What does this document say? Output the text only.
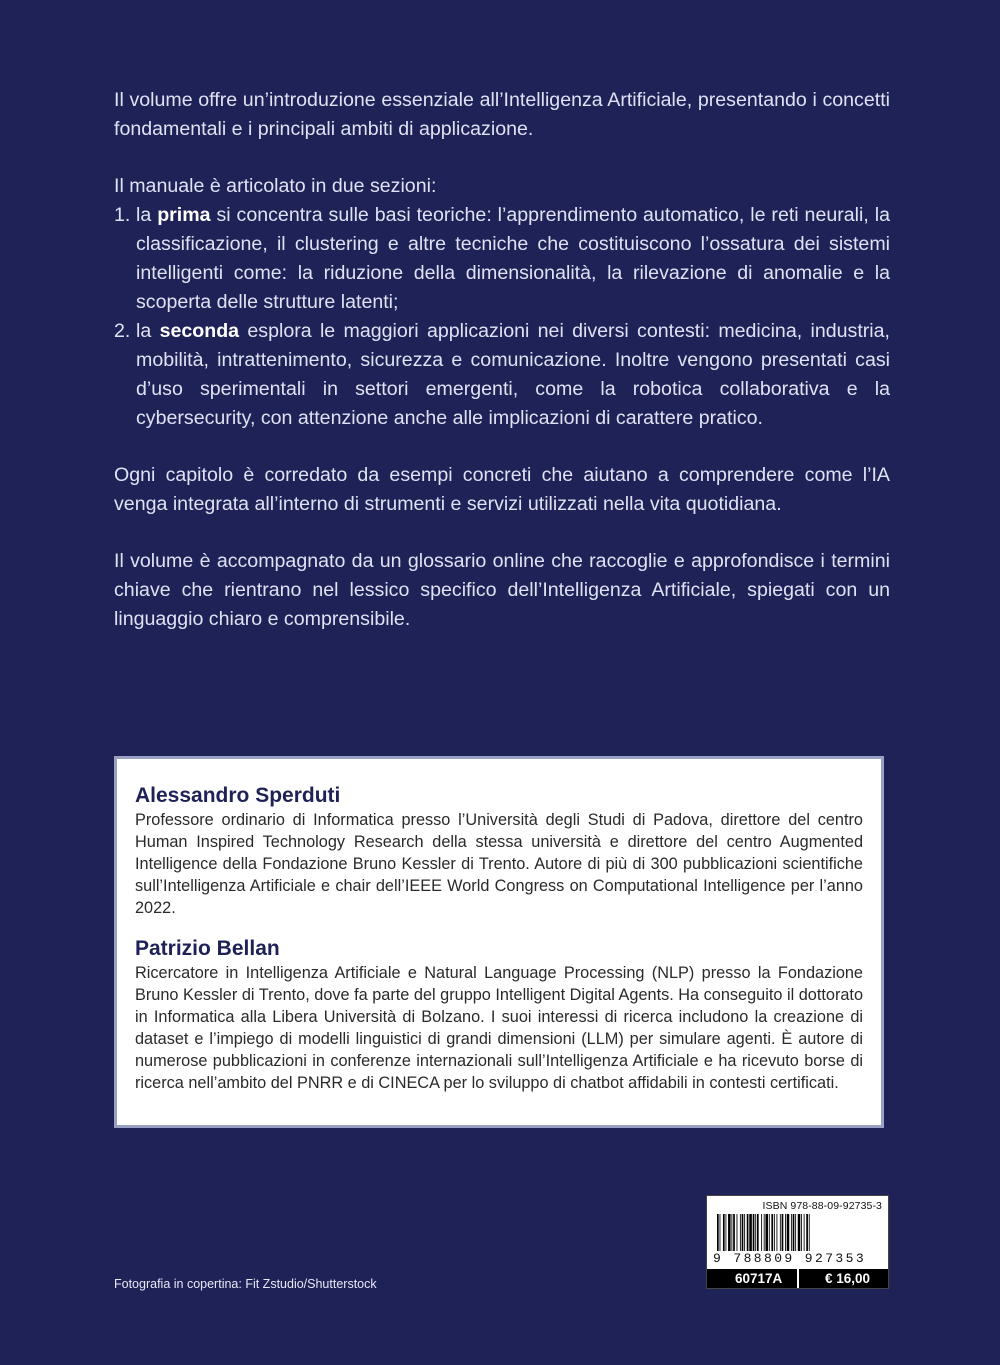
Il volume offre un’introduzione essenziale all’Intelligenza Artificiale, presentando i concetti fondamentali e i principali ambiti di applicazione.

Il manuale è articolato in due sezioni:

1. la prima si concentra sulle basi teoriche: l’apprendimento automatico, le reti neurali, la classificazione, il clustering e altre tecniche che costituiscono l’ossatura dei sistemi intelligenti come: la riduzione della dimensionalità, la rilevazione di anomalie e la scoperta delle strutture latenti;
2. la seconda esplora le maggiori applicazioni nei diversi contesti: medicina, industria, mobilità, intrattenimento, sicurezza e comunicazione. Inoltre vengono presentati casi d’uso sperimentali in settori emergenti, come la robotica collaborativa e la cybersecurity, con attenzione anche alle implicazioni di carattere pratico.

Ogni capitolo è corredato da esempi concreti che aiutano a comprendere come l’IA venga integrata all’interno di strumenti e servizi utilizzati nella vita quotidiana.

Il volume è accompagnato da un glossario online che raccoglie e approfondisce i termini chiave che rientrano nel lessico specifico dell’Intelligenza Artificiale, spiegati con un linguaggio chiaro e comprensibile.

Alessandro Sperduti

Professore ordinario di Informatica presso l’Università degli Studi di Padova, direttore del centro Human Inspired Technology Research della stessa università e direttore del centro Augmented Intelligence della Fondazione Bruno Kessler di Trento. Autore di più di 300 pubblicazioni scientifiche sull’Intelligenza Artificiale e chair dell’IEEE World Congress on Computational Intelligence per l’anno 2022.

Patrizio Bellan

Ricercatore in Intelligenza Artificiale e Natural Language Processing (NLP) presso la Fondazione Bruno Kessler di Trento, dove fa parte del gruppo Intelligent Digital Agents. Ha conseguito il dottorato in Informatica alla Libera Università di Bolzano. I suoi interessi di ricerca includono la creazione di dataset e l’impiego di modelli linguistici di grandi dimensioni (LLM) per simulare agenti. È autore di numerose pubblicazioni in conferenze internazionali sull’Intelligenza Artificiale e ha ricevuto borse di ricerca nell’ambito del PNRR e di CINECA per lo sviluppo di chatbot affidabili in contesti certificati.

ISBN 978-88-09-92735-3
9 788809 927353
60717A	€ 16,00
Fotografia in copertina: Fit Zstudio/Shutterstock
